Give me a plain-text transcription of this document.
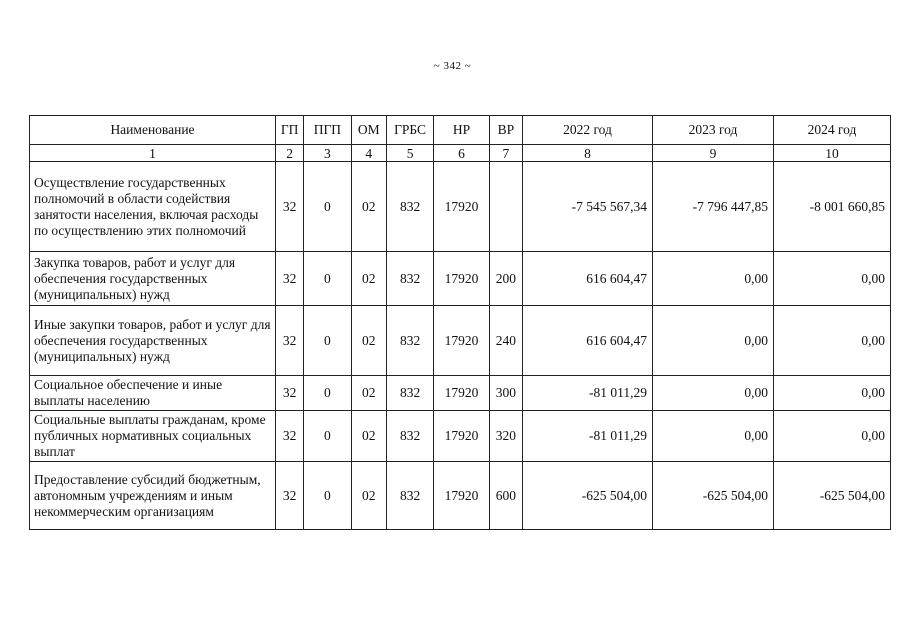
~ 342 ~
Наименование	ГП	ПГП	ОМ	ГРБС	НР	ВР	2022 год	2023 год	2024 год
1	2	3	4	5	6	7	8	9	10
Осуществление государственных полномочий в области содействия занятости населения, включая расходы по осуществлению этих полномочий	32	0	02	832	17920		-7 545 567,34	-7 796 447,85	-8 001 660,85
Закупка товаров, работ и услуг для обеспечения государственных (муниципальных) нужд	32	0	02	832	17920	200	616 604,47	0,00	0,00
Иные закупки товаров, работ и услуг для обеспечения государственных (муниципальных) нужд	32	0	02	832	17920	240	616 604,47	0,00	0,00
Социальное обеспечение и иные выплаты населению	32	0	02	832	17920	300	-81 011,29	0,00	0,00
Социальные выплаты гражданам, кроме публичных нормативных социальных выплат	32	0	02	832	17920	320	-81 011,29	0,00	0,00
Предоставление субсидий бюджетным, автономным учреждениям и иным некоммерческим организациям	32	0	02	832	17920	600	-625 504,00	-625 504,00	-625 504,00
